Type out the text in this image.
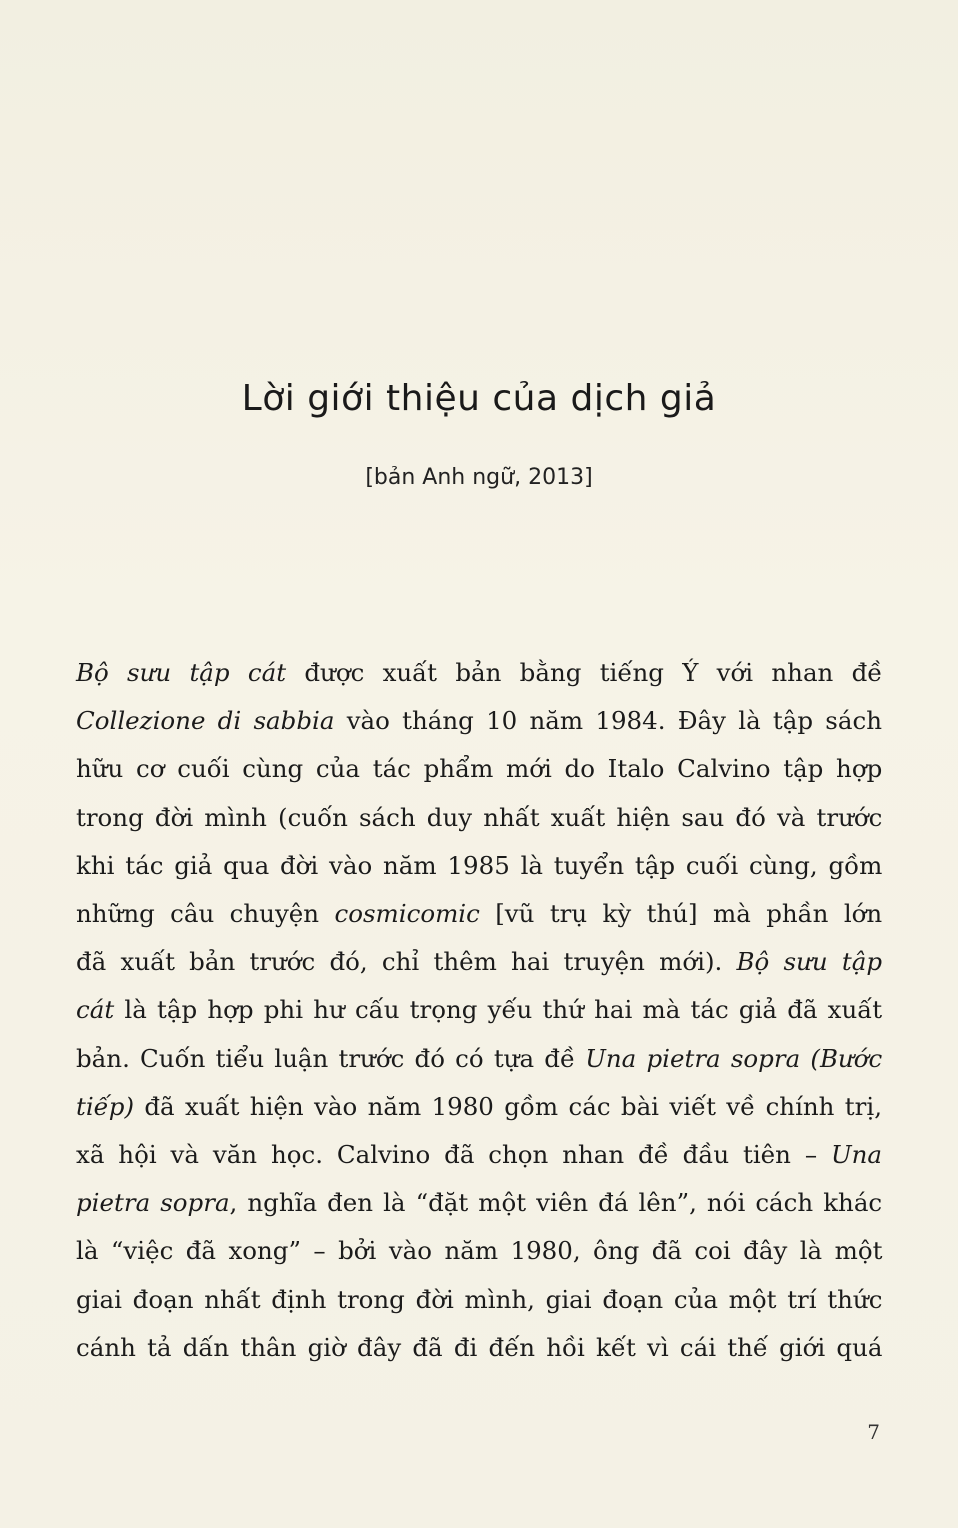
Lời giới thiệu của dịch giả

[bản Anh ngữ, 2013]

Bộ sưu tập cát được xuất bản bằng tiếng Ý với nhan đề
Collezione di sabbia vào tháng 10 năm 1984. Đây là tập sách
hữu cơ cuối cùng của tác phẩm mới do Italo Calvino tập hợp
trong đời mình (cuốn sách duy nhất xuất hiện sau đó và trước
khi tác giả qua đời vào năm 1985 là tuyển tập cuối cùng, gồm
những câu chuyện cosmicomic [vũ trụ kỳ thú] mà phần lớn
đã xuất bản trước đó, chỉ thêm hai truyện mới). Bộ sưu tập
cát là tập hợp phi hư cấu trọng yếu thứ hai mà tác giả đã xuất
bản. Cuốn tiểu luận trước đó có tựa đề Una pietra sopra (Bước
tiếp) đã xuất hiện vào năm 1980 gồm các bài viết về chính trị,
xã hội và văn học. Calvino đã chọn nhan đề đầu tiên – Una
pietra sopra, nghĩa đen là “đặt một viên đá lên”, nói cách khác
là “việc đã xong” – bởi vào năm 1980, ông đã coi đây là một
giai đoạn nhất định trong đời mình, giai đoạn của một trí thức
cánh tả dấn thân giờ đây đã đi đến hồi kết vì cái thế giới quá
7
